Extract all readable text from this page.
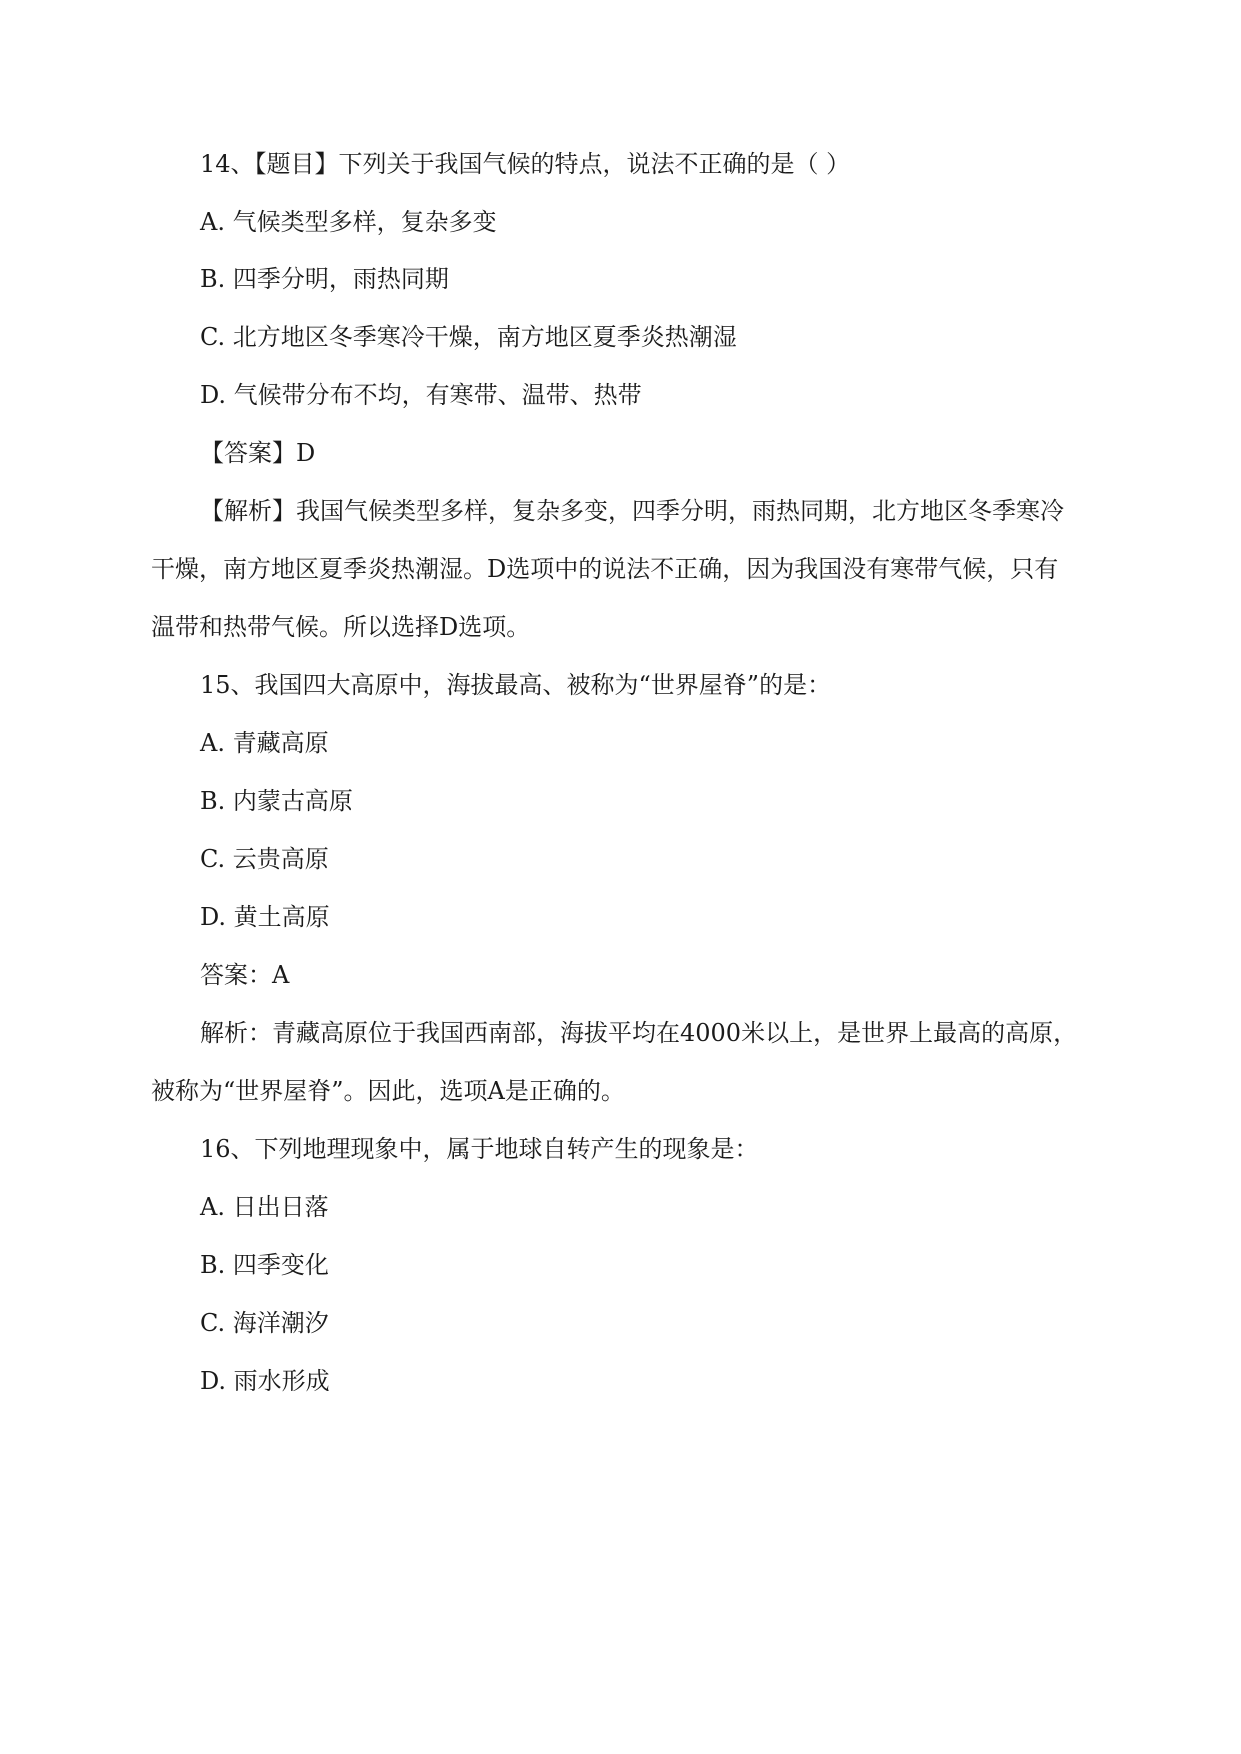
14、【题目】下列关于我国气候的特点，说法不正确的是（ ）
A. 气候类型多样，复杂多变
B. 四季分明，雨热同期
C. 北方地区冬季寒冷干燥，南方地区夏季炎热潮湿
D. 气候带分布不均，有寒带、温带、热带
【答案】D
【解析】我国气候类型多样，复杂多变，四季分明，雨热同期，北方地区冬季寒冷
干燥，南方地区夏季炎热潮湿。D选项中的说法不正确，因为我国没有寒带气候，只有
温带和热带气候。所以选择D选项。
15、我国四大高原中，海拔最高、被称为“世界屋脊”的是：
A. 青藏高原
B. 内蒙古高原
C. 云贵高原
D. 黄土高原
答案：A
解析：青藏高原位于我国西南部，海拔平均在4000米以上，是世界上最高的高原，
被称为“世界屋脊”。因此，选项A是正确的。
16、下列地理现象中，属于地球自转产生的现象是：
A. 日出日落
B. 四季变化
C. 海洋潮汐
D. 雨水形成
